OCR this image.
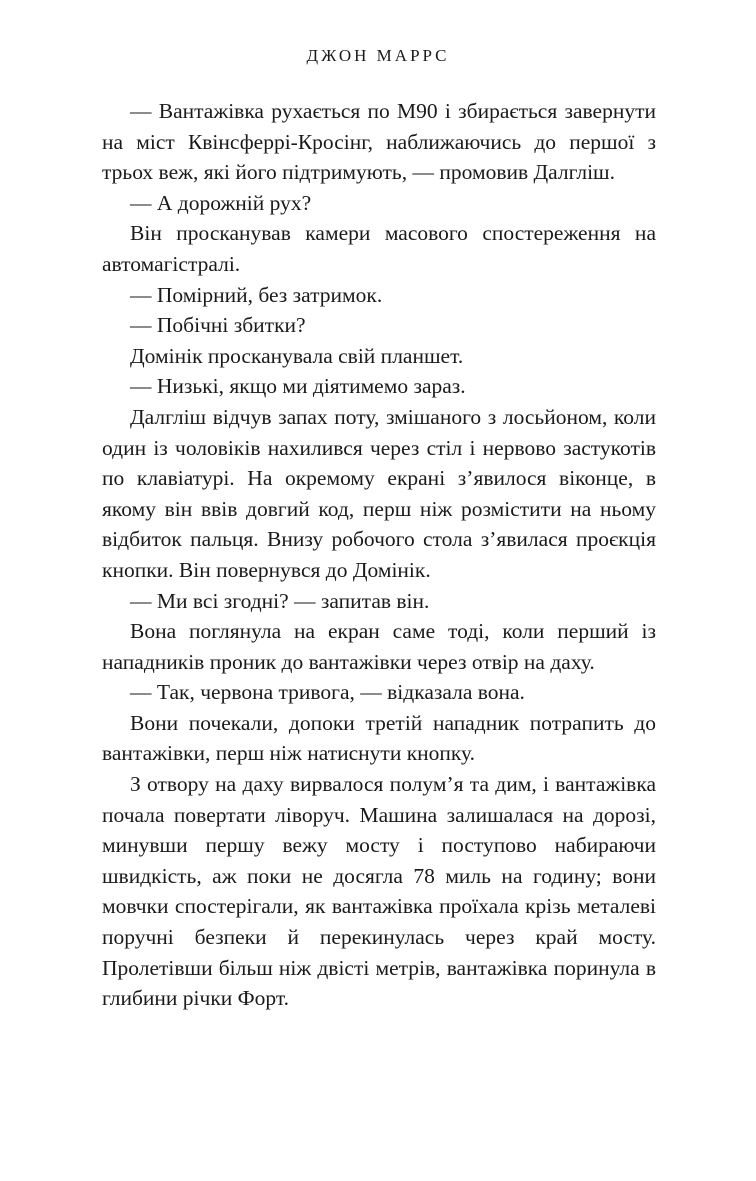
ДЖОН МАРРС

— Вантажівка рухається по M90 і збирається завернути на міст Квінсферрі-Кросінг, наближаючись до першої з трьох веж, які його підтримують, — промовив Далгліш.

— А дорожній рух?

Він просканував камери масового спостереження на автомагістралі.

— Помірний, без затримок.

— Побічні збитки?

Домінік просканувала свій планшет.

— Низькі, якщо ми діятимемо зараз.

Далгліш відчув запах поту, змішаного з лосьйоном, коли один із чоловіків нахилився через стіл і нервово застукотів по клавіатурі. На окремому екрані з’явилося віконце, в якому він ввів довгий код, перш ніж розмістити на ньому відбиток пальця. Внизу робочого стола з’явилася проєкція кнопки. Він повернувся до Домінік.

— Ми всі згодні? — запитав він.

Вона поглянула на екран саме тоді, коли перший із нападників проник до вантажівки через отвір на даху.

— Так, червона тривога, — відказала вона.

Вони почекали, допоки третій нападник потрапить до вантажівки, перш ніж натиснути кнопку.

З отвору на даху вирвалося полум’я та дим, і вантажівка почала повертати ліворуч. Машина залишалася на дорозі, минувши першу вежу мосту і поступово набираючи швидкість, аж поки не досягла 78 миль на годину; вони мовчки спостерігали, як вантажівка проїхала крізь металеві поручні безпеки й перекинулась через край мосту. Пролетівши більш ніж двісті метрів, вантажівка поринула в глибини річки Форт.
